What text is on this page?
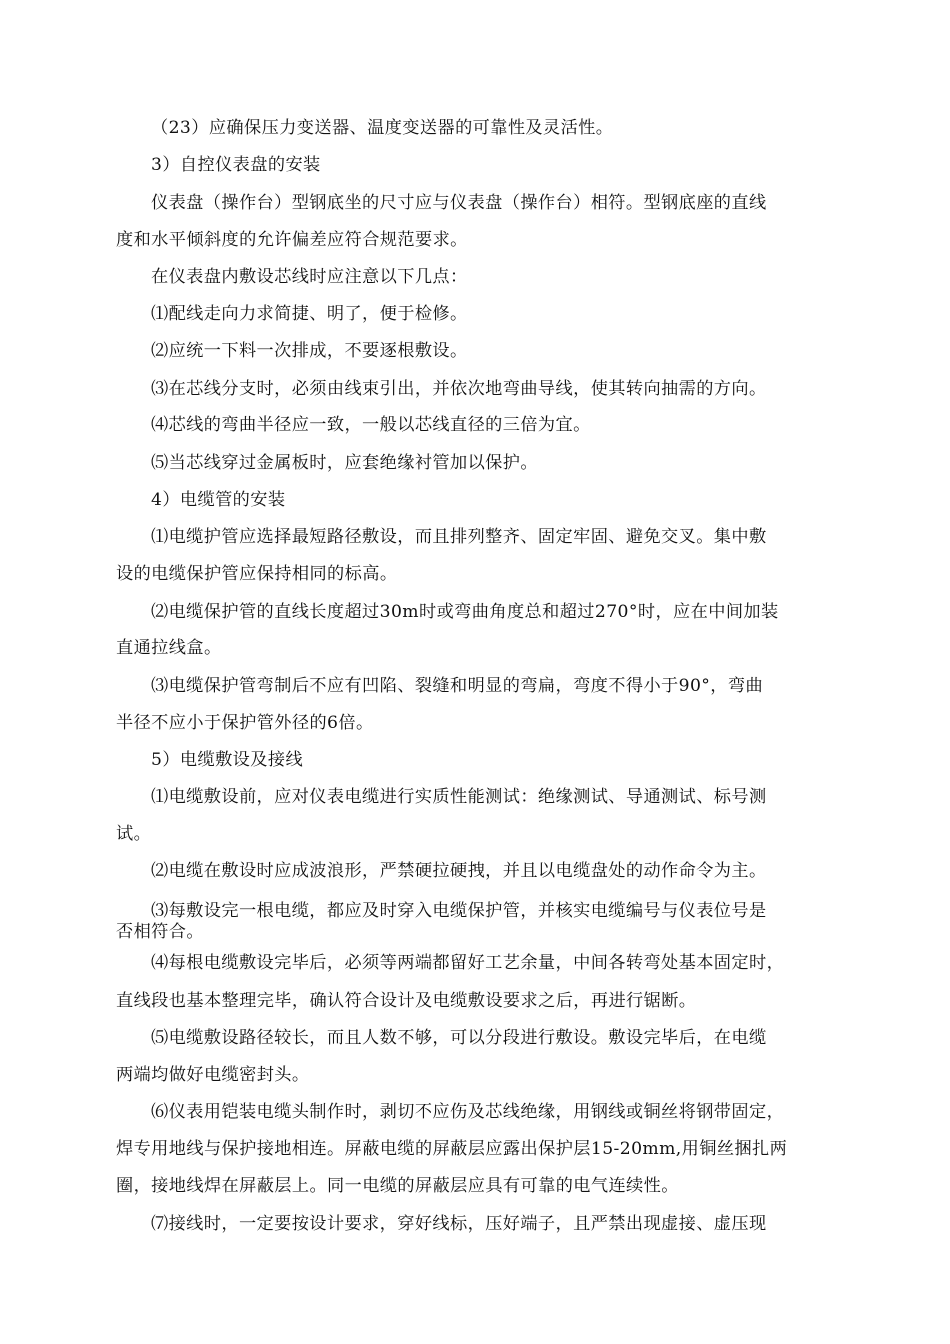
（23）应确保压力变送器、温度变送器的可靠性及灵活性。
3）自控仪表盘的安装
仪表盘（操作台）型钢底坐的尺寸应与仪表盘（操作台）相符。型钢底座的直线
度和水平倾斜度的允许偏差应符合规范要求。
在仪表盘内敷设芯线时应注意以下几点：
⑴配线走向力求简捷、明了，便于检修。
⑵应统一下料一次排成，不要逐根敷设。
⑶在芯线分支时，必须由线束引出，并依次地弯曲导线，使其转向抽需的方向。
⑷芯线的弯曲半径应一致，一般以芯线直径的三倍为宜。
⑸当芯线穿过金属板时，应套绝缘衬管加以保护。
4）电缆管的安装
⑴电缆护管应选择最短路径敷设，而且排列整齐、固定牢固、避免交叉。集中敷
设的电缆保护管应保持相同的标高。
⑵电缆保护管的直线长度超过30m时或弯曲角度总和超过270°时，应在中间加装
直通拉线盒。
⑶电缆保护管弯制后不应有凹陷、裂缝和明显的弯扁，弯度不得小于90°，弯曲
半径不应小于保护管外径的6倍。
5）电缆敷设及接线
⑴电缆敷设前，应对仪表电缆进行实质性能测试：绝缘测试、导通测试、标号测
试。
⑵电缆在敷设时应成波浪形，严禁硬拉硬拽，并且以电缆盘处的动作命令为主。
⑶每敷设完一根电缆，都应及时穿入电缆保护管，并核实电缆编号与仪表位号是
否相符合。
⑷每根电缆敷设完毕后，必须等两端都留好工艺余量，中间各转弯处基本固定时，
直线段也基本整理完毕，确认符合设计及电缆敷设要求之后，再进行锯断。
⑸电缆敷设路径较长，而且人数不够，可以分段进行敷设。敷设完毕后，在电缆
两端均做好电缆密封头。
⑹仪表用铠装电缆头制作时，剥切不应伤及芯线绝缘，用钢线或铜丝将钢带固定，
焊专用地线与保护接地相连。屏蔽电缆的屏蔽层应露出保护层15-20mm,用铜丝捆扎两
圈，接地线焊在屏蔽层上。同一电缆的屏蔽层应具有可靠的电气连续性。
⑺接线时，一定要按设计要求，穿好线标，压好端子，且严禁出现虚接、虚压现
